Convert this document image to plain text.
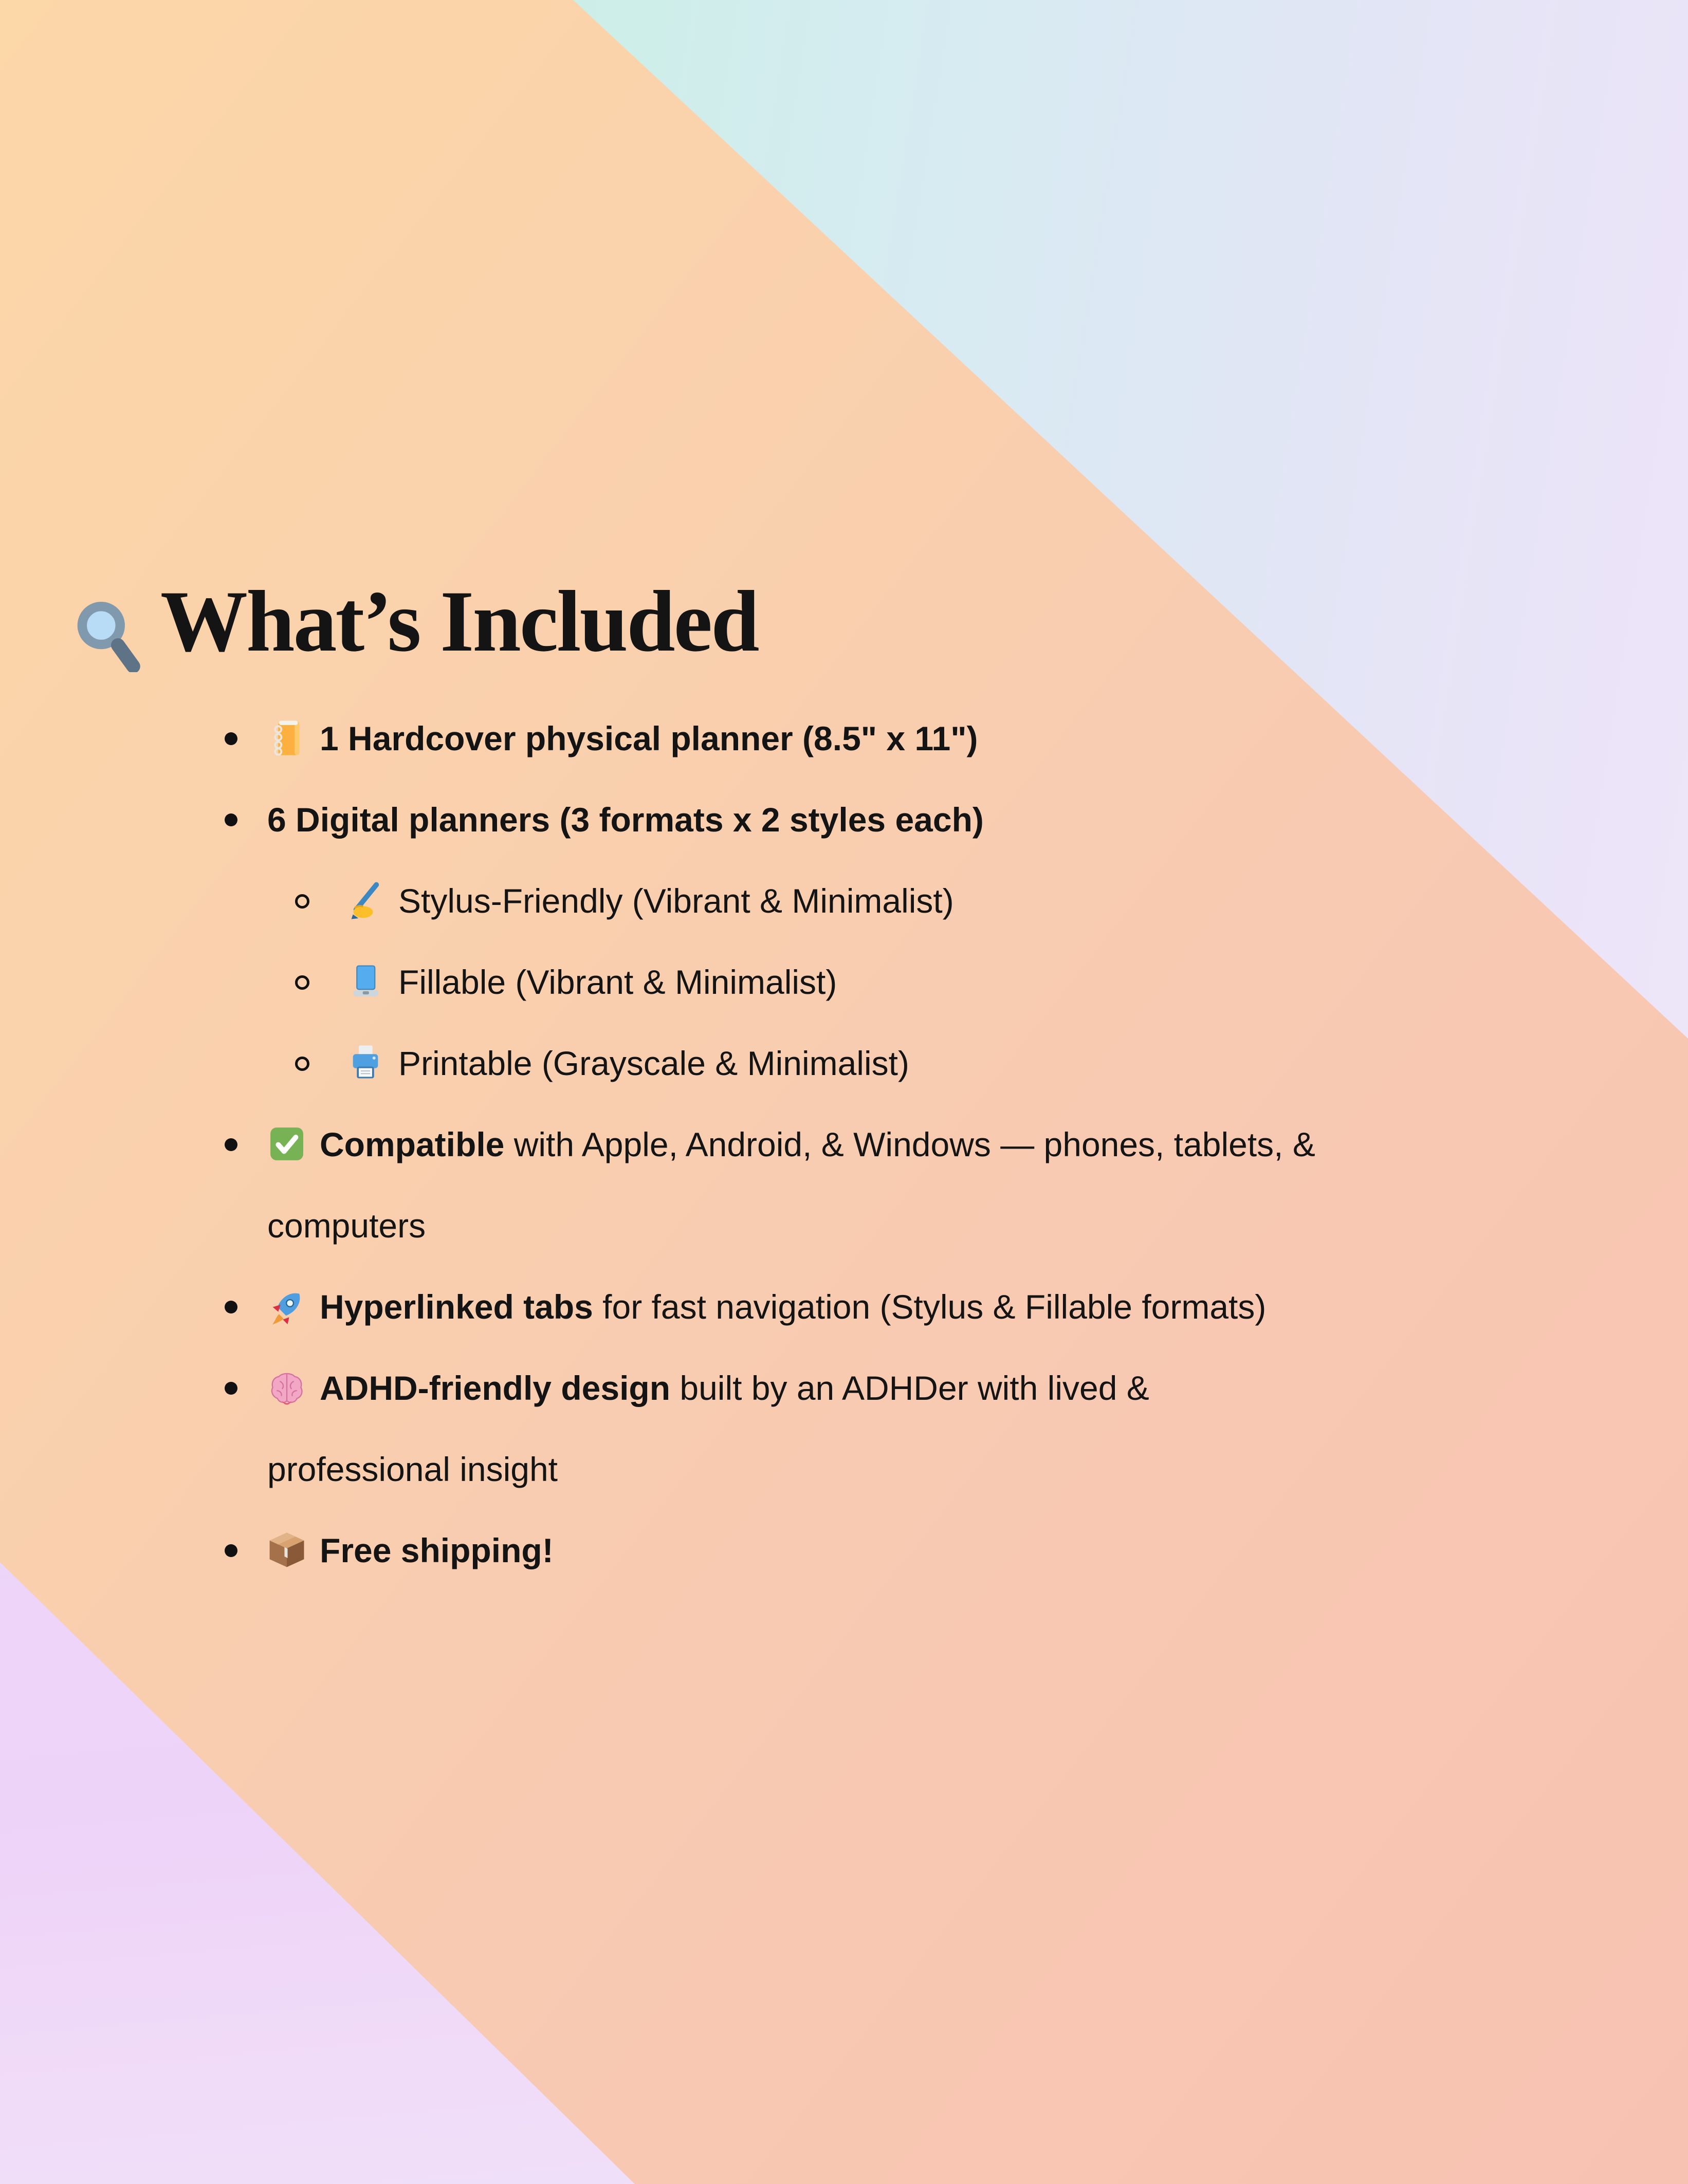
What’s Included
1 Hardcover physical planner (8.5" x 11")
6 Digital planners (3 formats x 2 styles each)
Stylus-Friendly (Vibrant & Minimalist)
Fillable (Vibrant & Minimalist)
Printable (Grayscale & Minimalist)
Compatible with Apple, Android, & Windows — phones, tablets, &
computers
Hyperlinked tabs for fast navigation (Stylus & Fillable formats)
ADHD-friendly design built by an ADHDer with lived &
professional insight
Free shipping!
